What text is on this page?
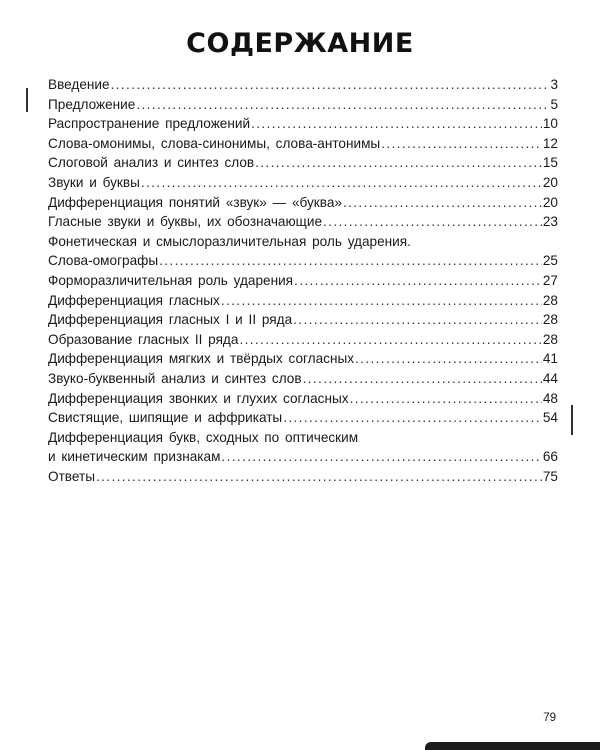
СОДЕРЖАНИЕ
Введение . . .	3
Предложение . . .	5
Распространение предложений . . .	10
Слова-омонимы, слова-синонимы, слова-антонимы . . .	12
Слоговой анализ и синтез слов . . .	15
Звуки и буквы . . .	20
Дифференциация понятий «звук» — «буква» . . .	20
Гласные звуки и буквы, их обозначающие . . .	23
Фонетическая и смыслоразличительная роль ударения.
Слова-омографы . . .	25
Форморазличительная роль ударения . . .	27
Дифференциация гласных . . .	28
Дифференциация гласных I и II ряда . . .	28
Образование гласных II ряда . . .	28
Дифференциация мягких и твёрдых согласных . . .	41
Звуко-буквенный анализ и синтез слов . . .	44
Дифференциация звонких и глухих согласных . . .	48
Свистящие, шипящие и аффрикаты . . .	54
Дифференциация букв, сходных по оптическим
и кинетическим признакам . . .	66
Ответы . . .	75
79
